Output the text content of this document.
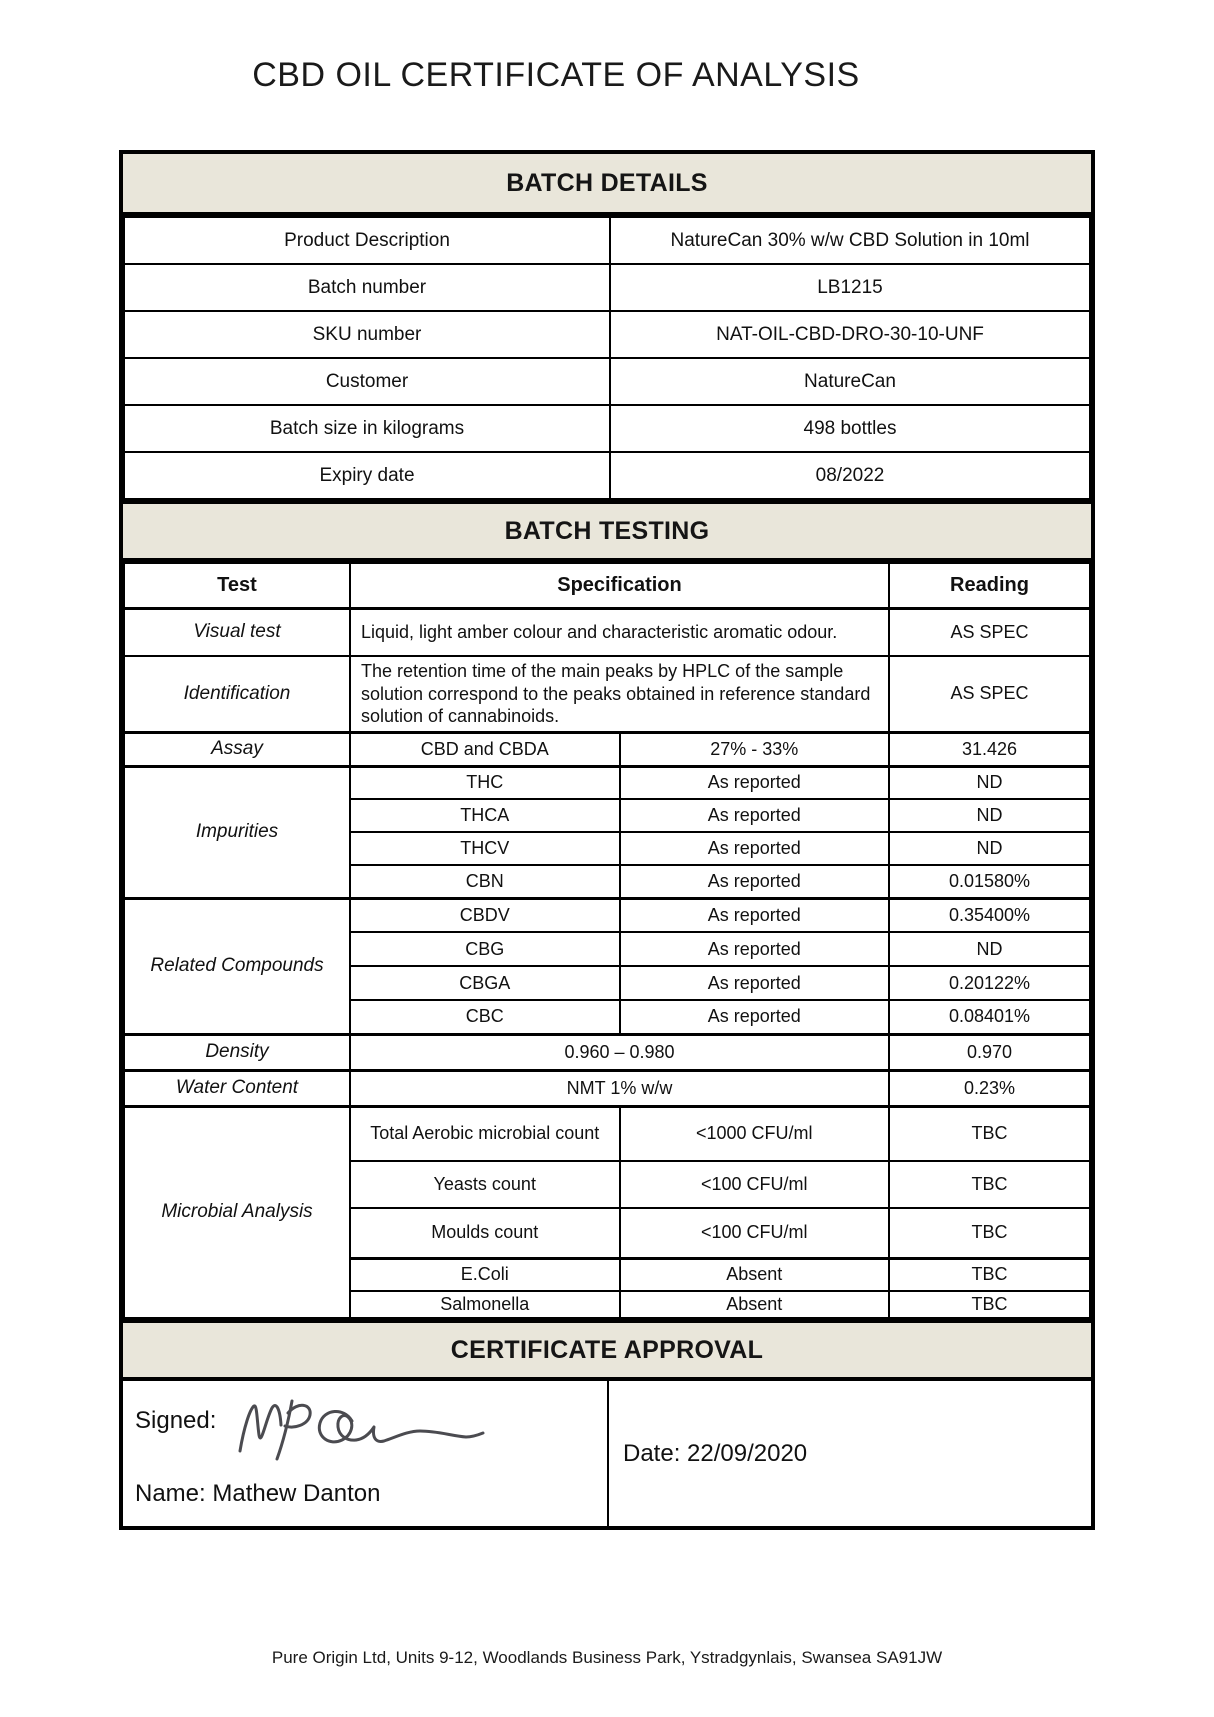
CBD OIL CERTIFICATE OF ANALYSIS
BATCH DETAILS
Product Description	NatureCan 30% w/w CBD Solution in 10ml
Batch number	LB1215
SKU number	NAT-OIL-CBD-DRO-30-10-UNF
Customer	NatureCan
Batch size in kilograms	498 bottles
Expiry date	08/2022
BATCH TESTING
Test	Specification		Reading
Visual test	Liquid, light amber colour and characteristic aromatic odour.		AS SPEC
Identification	The retention time of the main peaks by HPLC of the sample solution correspond to the peaks obtained in reference standard solution of cannabinoids.		AS SPEC
Assay	CBD and CBDA	27% - 33%	31.426
Impurities	THC	As reported	ND
	THCA	As reported	ND
	THCV	As reported	ND
	CBN	As reported	0.01580%
Related Compounds	CBDV	As reported	0.35400%
	CBG	As reported	ND
	CBGA	As reported	0.20122%
	CBC	As reported	0.08401%
Density	0.960 – 0.980		0.970
Water Content	NMT 1% w/w		0.23%
Microbial Analysis	Total Aerobic microbial count	<1000 CFU/ml	TBC
	Yeasts count	<100 CFU/ml	TBC
	Moulds count	<100 CFU/ml	TBC
	E.Coli	Absent	TBC
	Salmonella	Absent	TBC
CERTIFICATE APPROVAL
Signed:
Name: Mathew Danton
Date: 22/09/2020
Pure Origin Ltd, Units 9-12, Woodlands Business Park, Ystradgynlais, Swansea SA91JW
